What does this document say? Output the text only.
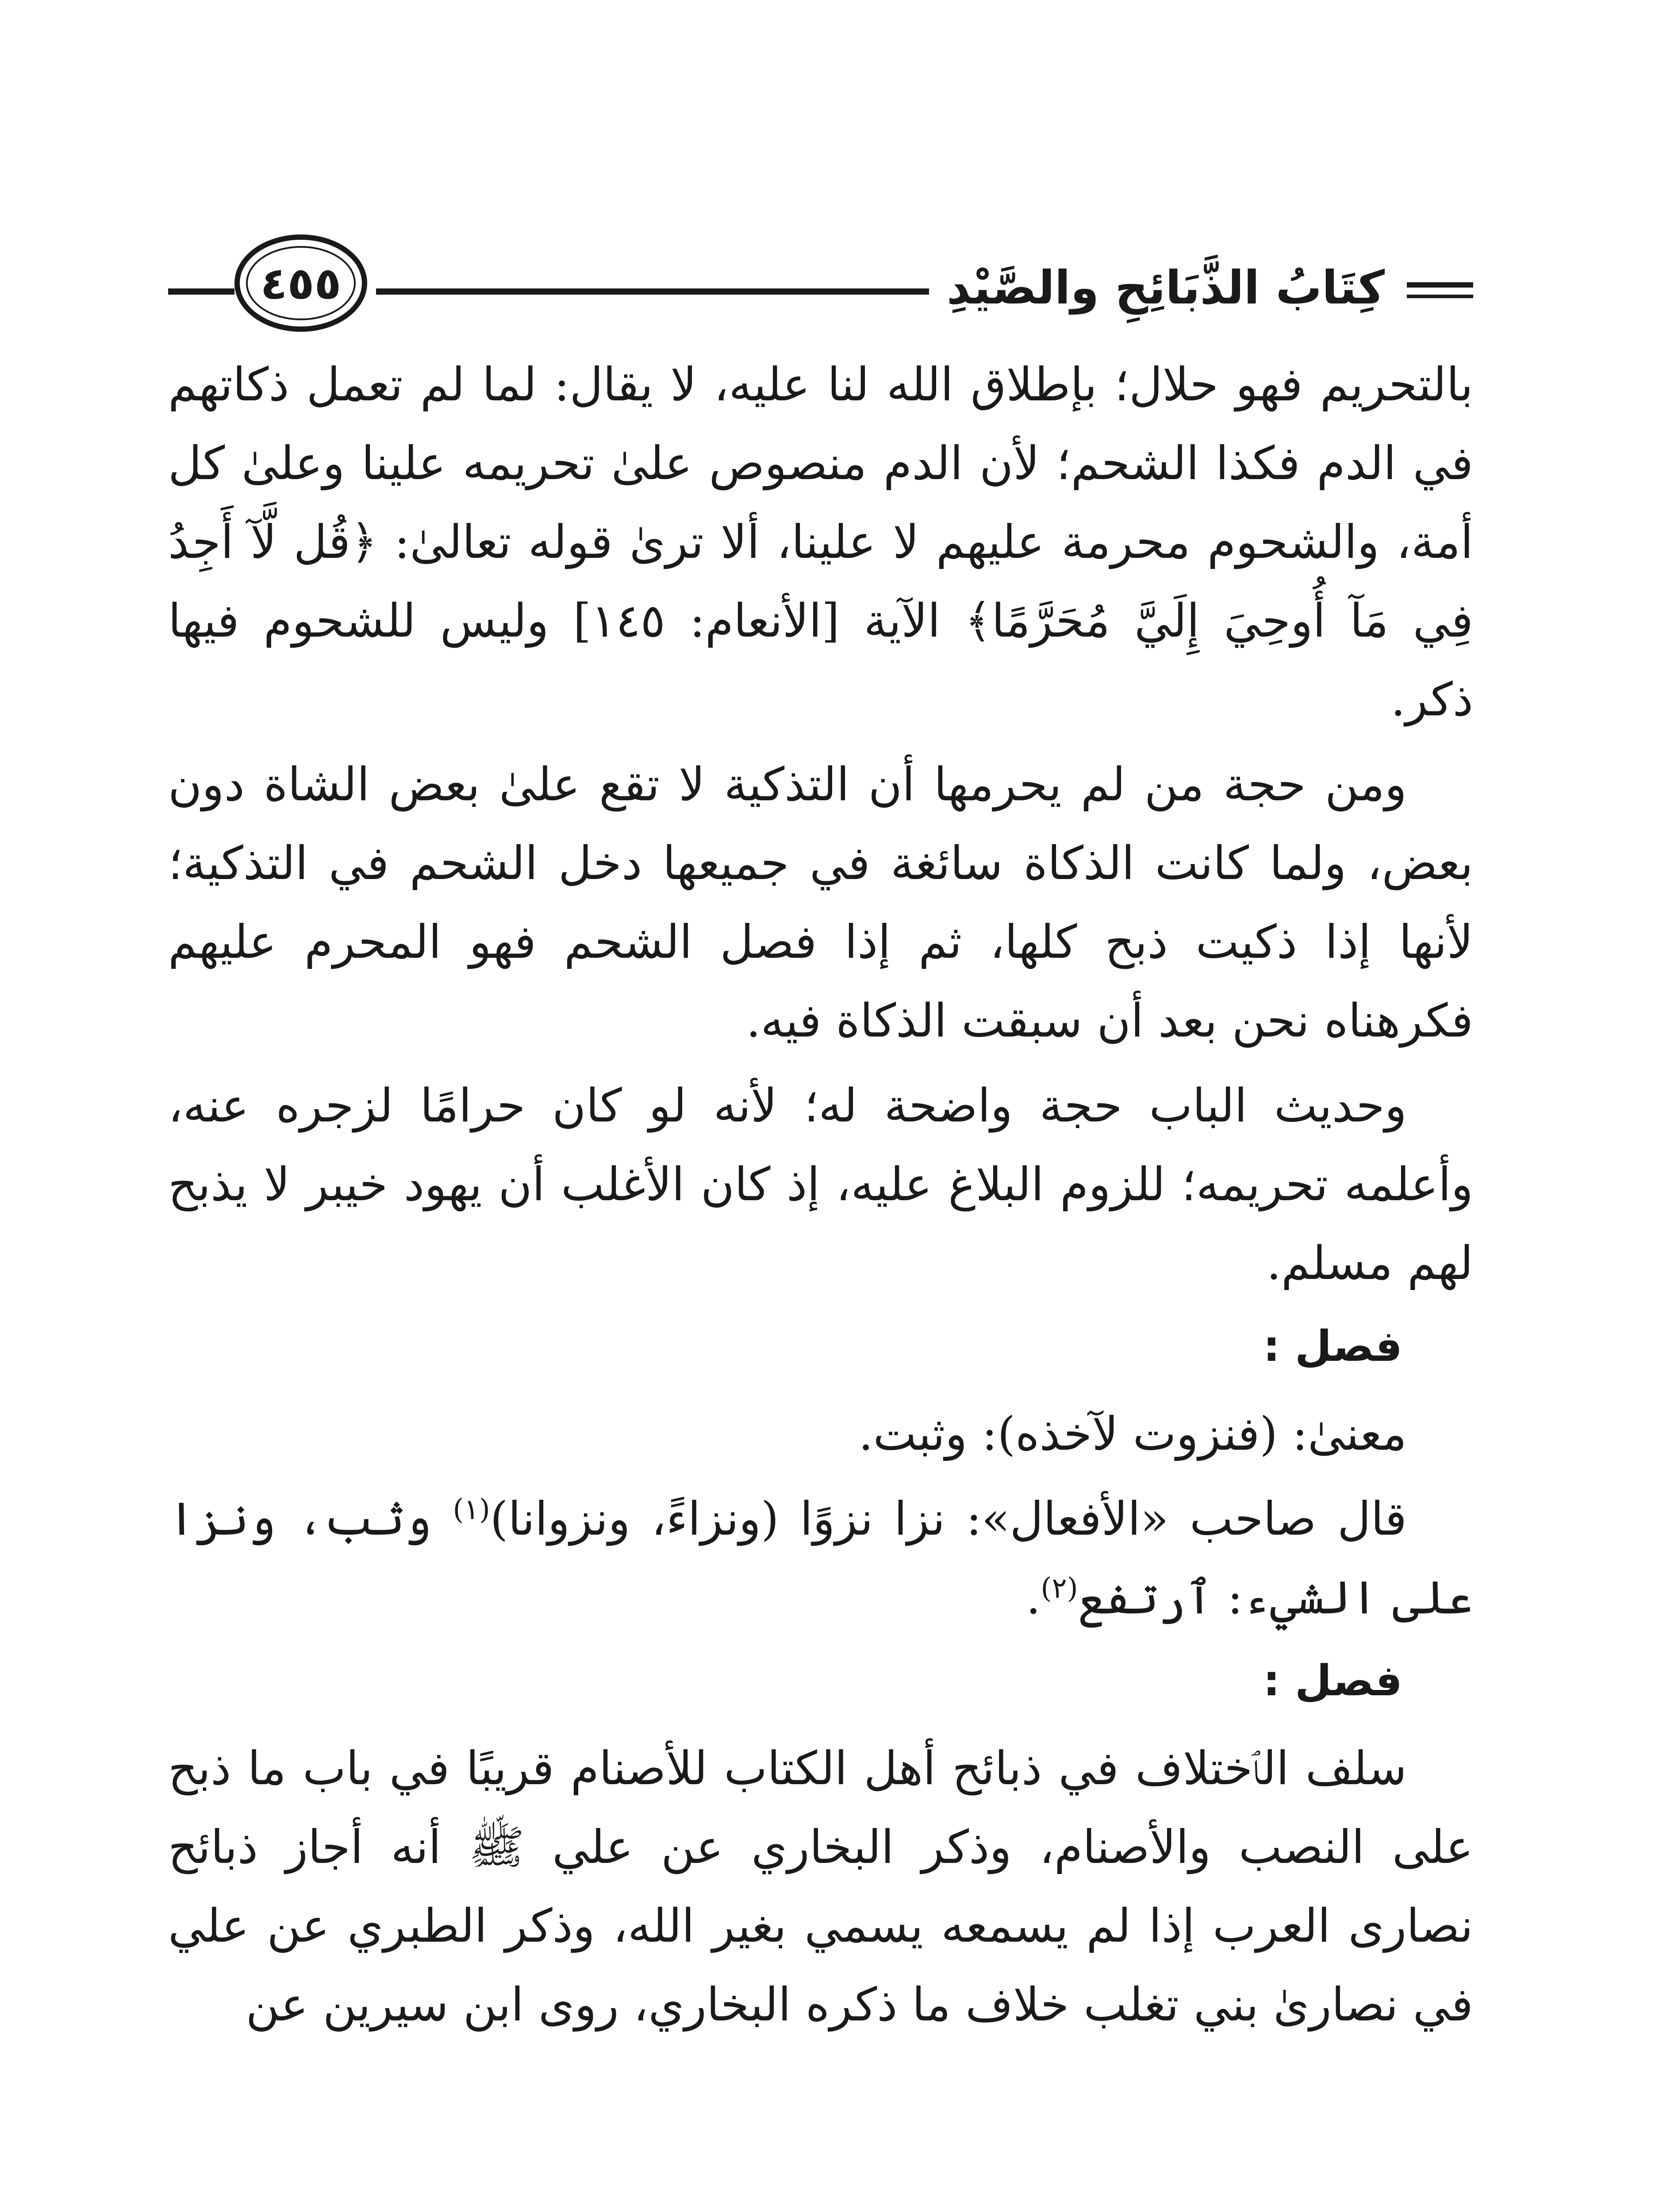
كِتَابُ الذَّبَائِحِ والصَّيْدِ
٤٥٥

بالتحريم فهو حلال؛ بإطلاق الله لنا عليه، لا يقال: لما لم تعمل ذكاتهم في الدم فكذا الشحم؛ لأن الدم منصوص علىٰ تحريمه علينا وعلىٰ كل أمة، والشحوم محرمة عليهم لا علينا، ألا ترىٰ قوله تعالىٰ: ﴿قُل لَّآ أَجِدُ فِي مَآ أُوحِيَ إِلَيَّ مُحَرَّمًا﴾ الآية [الأنعام: ١٤٥] وليس للشحوم فيها ذكر.

ومن حجة من لم يحرمها أن التذكية لا تقع علىٰ بعض الشاة دون بعض، ولما كانت الذكاة سائغة في جميعها دخل الشحم في التذكية؛ لأنها إذا ذكيت ذبح كلها، ثم إذا فصل الشحم فهو المحرم عليهم فكرهناه نحن بعد أن سبقت الذكاة فيه.

وحديث الباب حجة واضحة له؛ لأنه لو كان حرامًا لزجره عنه، وأعلمه تحريمه؛ للزوم البلاغ عليه، إذ كان الأغلب أن يهود خيبر لا يذبح لهم مسلم.

فصل :

معنىٰ: (فنزوت لآخذه): وثبت.

قال صاحب «الأفعال»: نزا نزوًا (ونزاءً، ونزوانا)$^{(١)}$ وثب، ونزا على الشيء: ٱرتفع$^{(٢)}$.

فصل :

سلف الٱختلاف في ذبائح أهل الكتاب للأصنام قريبًا في باب ما ذبح على النصب والأصنام، وذكر البخاري عن علي ﷺ أنه أجاز ذبائح نصارى العرب إذا لم يسمعه يسمي بغير الله، وذكر الطبري عن علي في نصارىٰ بني تغلب خلاف ما ذكره البخاري، روى ابن سيرين عن
